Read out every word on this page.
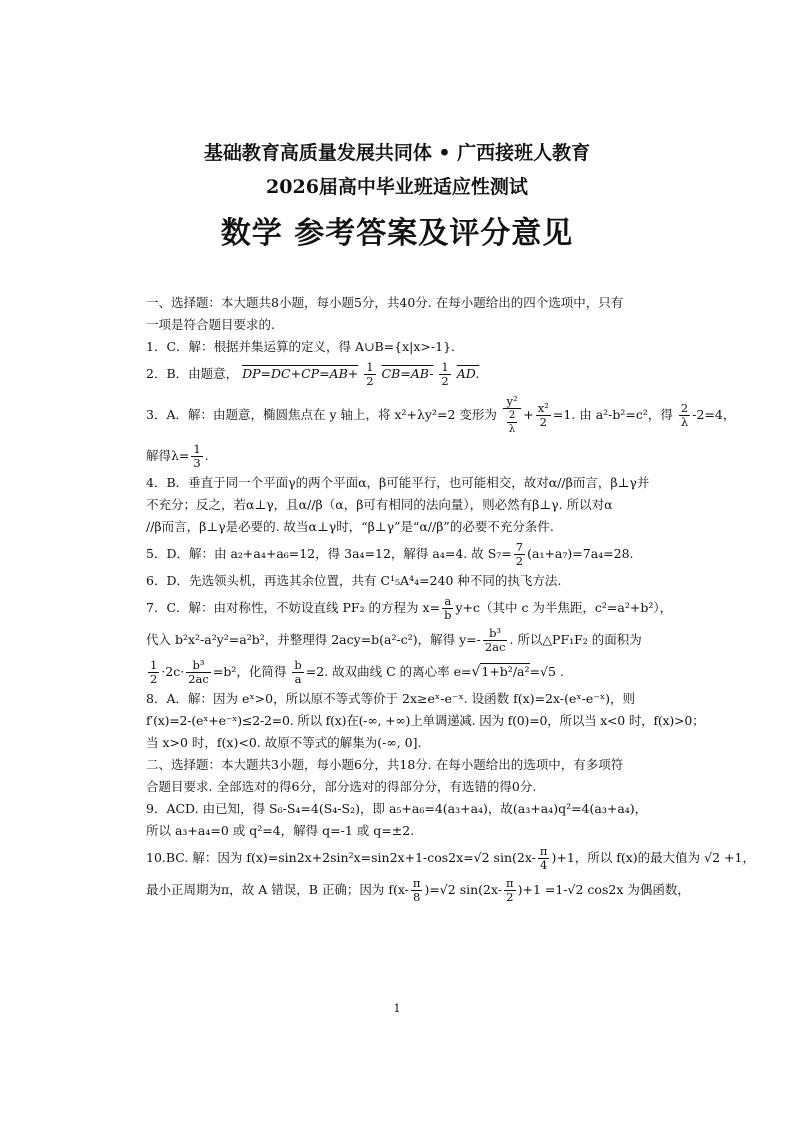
基础教育高质量发展共同体 • 广西接班人教育
2026届高中毕业班适应性测试
数学 参考答案及评分意见
一、选择题：本大题共8小题，每小题5分，共40分. 在每小题给出的四个选项中，只有
一项是符合题目要求的.
1．C．解：根据并集运算的定义，得 A∪B={x|x>-1}.
2．B．由题意， $DP=DC+CP=AB+ \frac{1}{2} CB=AB- \frac{1}{2}$ AD.
3．A．解：由题意，椭圆焦点在 y 轴上，将 x²+λy²=2 变形为 $\frac{\text{y²}}{\frac{2}{\lambda}} + \frac{\text{x²}}{2} =1$. 由 a²-b²=c²，得 $\frac{2}{\lambda} -2=4$，
解得$\lambda= \frac{1}{3}$ .
4．B．垂直于同一个平面γ的两个平面α，β可能平行，也可能相交，故对α//β而言，β⊥γ并
不充分；反之，若α⊥γ，且α//β（α，β可有相同的法向量），则必然有β⊥γ. 所以对α
//β而言，β⊥γ是必要的. 故当α⊥γ时，“β⊥γ”是“α//β”的必要不充分条件.
5．D．解：由 a₂+a₄+a₆=12，得 3a₄=12，解得 a₄=4. 故 $S_7= \frac{7}{2} (a_1+a_7)=7a_4=28$.
6．D．先选领头机，再选其余位置，共有 C¹₅A⁴₄=240 种不同的执飞方法.
7．C．解：由对称性，不妨设直线 PF₂ 的方程为 $x= \frac{a}{b} y+c$（其中 c 为半焦距，c²=a²+b²），
代入 b²x²-a²y²=a²b²，并整理得 2acy=b(a²-c²)，解得 $y=- \frac{\text{b³}}{2ac}$ . 所以△PF₁F₂ 的面积为
$\frac{1}{2} \cdot 2c\cdot \frac{\text{b³}}{2ac} =b^2$，化简得 $\frac{b}{a} =2$. 故双曲线 C 的离心率 e=√1+b²/a²=√5 .
8．A．解：因为 eˣ>0，所以原不等式等价于 2x≥eˣ-e⁻ˣ. 设函数 f(x)=2x-(eˣ-e⁻ˣ)，则
f′(x)=2-(eˣ+e⁻ˣ)≤2-2=0. 所以 f(x)在(-∞, +∞)上单调递减. 因为 f(0)=0，所以当 x<0 时，f(x)>0；
当 x>0 时，f(x)<0. 故原不等式的解集为(-∞, 0].
二、选择题：本大题共3小题，每小题6分，共18分. 在每小题给出的选项中，有多项符
合题目要求. 全部选对的得6分，部分选对的得部分分，有选错的得0分.
9．ACD. 由已知，得 S₆-S₄=4(S₄-S₂)，即 a₅+a₆=4(a₃+a₄)，故(a₃+a₄)q²=4(a₃+a₄)，
所以 a₃+a₄=0 或 q²=4，解得 q=-1 或 q=±2.
10.BC. 解：因为 f(x)=sin2x+2sin²x=sin2x+1-cos2x=√2 $\sin(2x- \frac{\pi}{4} )+1$，所以 f(x)的最大值为 √2 +1，
最小正周期为π，故 A 错误，B 正确；因为 $f(x- \frac{\pi}{8} )=√2$ $\sin(2x- \frac{\pi}{2} )+1 =1-√2$ cos2x 为偶函数，
1
